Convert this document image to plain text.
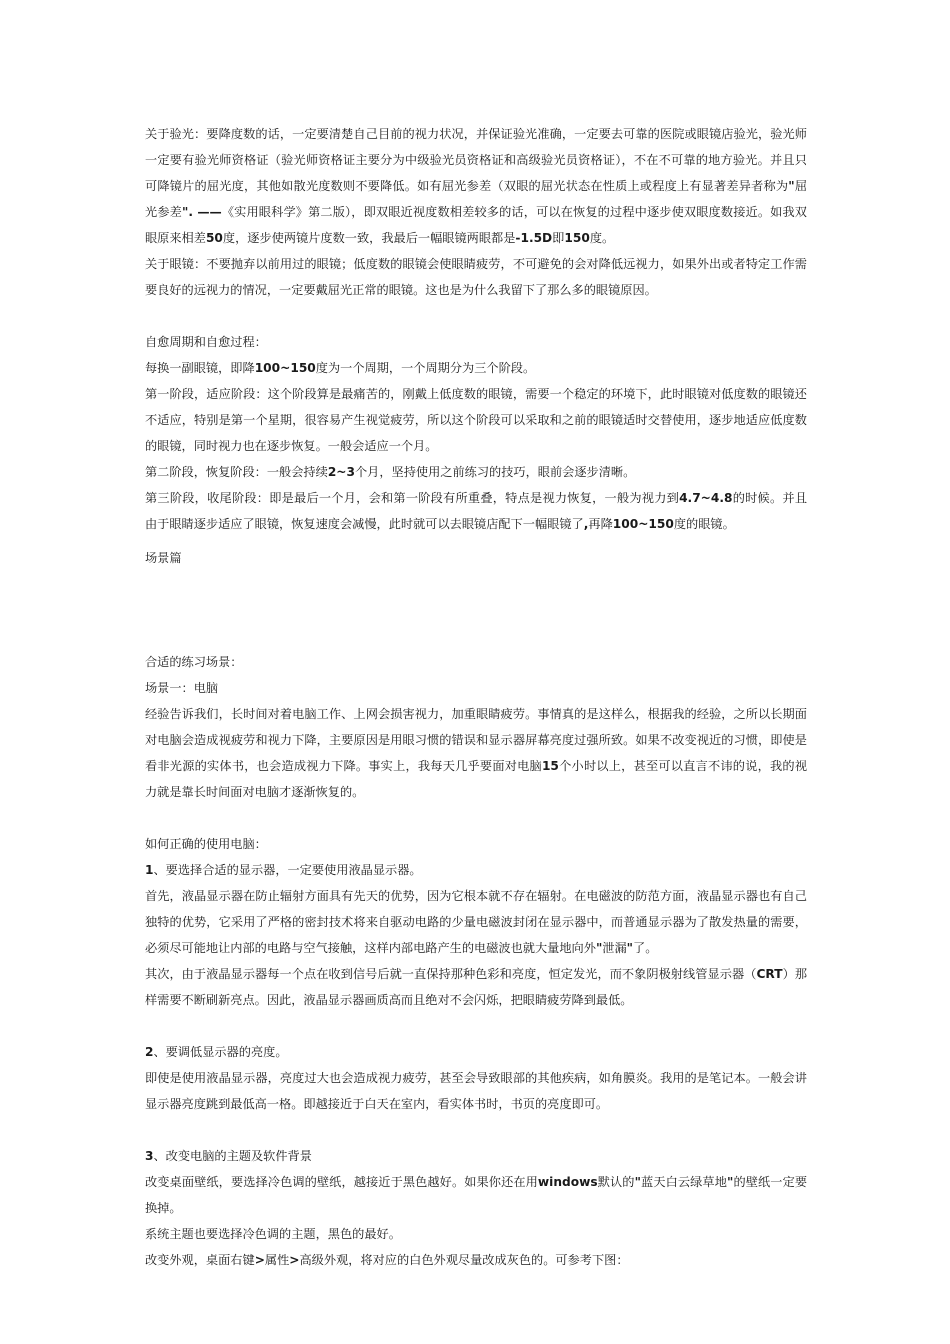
关于验光：要降度数的话，一定要清楚自己目前的视力状况，并保证验光准确，一定要去可靠的医院或眼镜店验光，验光师一定要有验光师资格证（验光师资格证主要分为中级验光员资格证和高级验光员资格证），不在不可靠的地方验光。并且只可降镜片的屈光度，其他如散光度数则不要降低。如有屈光参差（双眼的屈光状态在性质上或程度上有显著差异者称为"屈光参差". ——《实用眼科学》第二版），即双眼近视度数相差较多的话，可以在恢复的过程中逐步使双眼度数接近。如我双眼原来相差50度，逐步使两镜片度数一致，我最后一幅眼镜两眼都是-1.5D即150度。

关于眼镜：不要抛弃以前用过的眼镜；低度数的眼镜会使眼睛疲劳，不可避免的会对降低远视力，如果外出或者特定工作需要良好的远视力的情况，一定要戴屈光正常的眼镜。这也是为什么我留下了那么多的眼镜原因。

自愈周期和自愈过程：

每换一副眼镜，即降100~150度为一个周期，一个周期分为三个阶段。

第一阶段，适应阶段：这个阶段算是最痛苦的，刚戴上低度数的眼镜，需要一个稳定的环境下，此时眼镜对低度数的眼镜还不适应，特别是第一个星期，很容易产生视觉疲劳，所以这个阶段可以采取和之前的眼镜适时交替使用，逐步地适应低度数的眼镜，同时视力也在逐步恢复。一般会适应一个月。

第二阶段，恢复阶段：一般会持续2~3个月，坚持使用之前练习的技巧，眼前会逐步清晰。

第三阶段，收尾阶段：即是最后一个月，会和第一阶段有所重叠，特点是视力恢复，一般为视力到4.7~4.8的时候。并且由于眼睛逐步适应了眼镜，恢复速度会减慢，此时就可以去眼镜店配下一幅眼镜了,再降100~150度的眼镜。

场景篇

合适的练习场景：

场景一：电脑

经验告诉我们，长时间对着电脑工作、上网会损害视力，加重眼睛疲劳。事情真的是这样么，根据我的经验，之所以长期面对电脑会造成视疲劳和视力下降，主要原因是用眼习惯的错误和显示器屏幕亮度过强所致。如果不改变视近的习惯，即使是看非光源的实体书，也会造成视力下降。事实上，我每天几乎要面对电脑15个小时以上，甚至可以直言不讳的说，我的视力就是靠长时间面对电脑才逐渐恢复的。

如何正确的使用电脑：

1、要选择合适的显示器，一定要使用液晶显示器。

首先，液晶显示器在防止辐射方面具有先天的优势，因为它根本就不存在辐射。在电磁波的防范方面，液晶显示器也有自己独特的优势，它采用了严格的密封技术将来自驱动电路的少量电磁波封闭在显示器中，而普通显示器为了散发热量的需要，必须尽可能地让内部的电路与空气接触，这样内部电路产生的电磁波也就大量地向外"泄漏"了。

其次，由于液晶显示器每一个点在收到信号后就一直保持那种色彩和亮度，恒定发光，而不象阴极射线管显示器（CRT）那样需要不断刷新亮点。因此，液晶显示器画质高而且绝对不会闪烁，把眼睛疲劳降到最低。

2、要调低显示器的亮度。

即使是使用液晶显示器，亮度过大也会造成视力疲劳，甚至会导致眼部的其他疾病，如角膜炎。我用的是笔记本。一般会讲显示器亮度跳到最低高一格。即越接近于白天在室内，看实体书时，书页的亮度即可。

3、改变电脑的主题及软件背景

改变桌面壁纸，要选择冷色调的壁纸，越接近于黑色越好。如果你还在用windows默认的"蓝天白云绿草地"的壁纸一定要换掉。

系统主题也要选择冷色调的主题，黑色的最好。

改变外观，桌面右键>属性>高级外观，将对应的白色外观尽量改成灰色的。可参考下图：
